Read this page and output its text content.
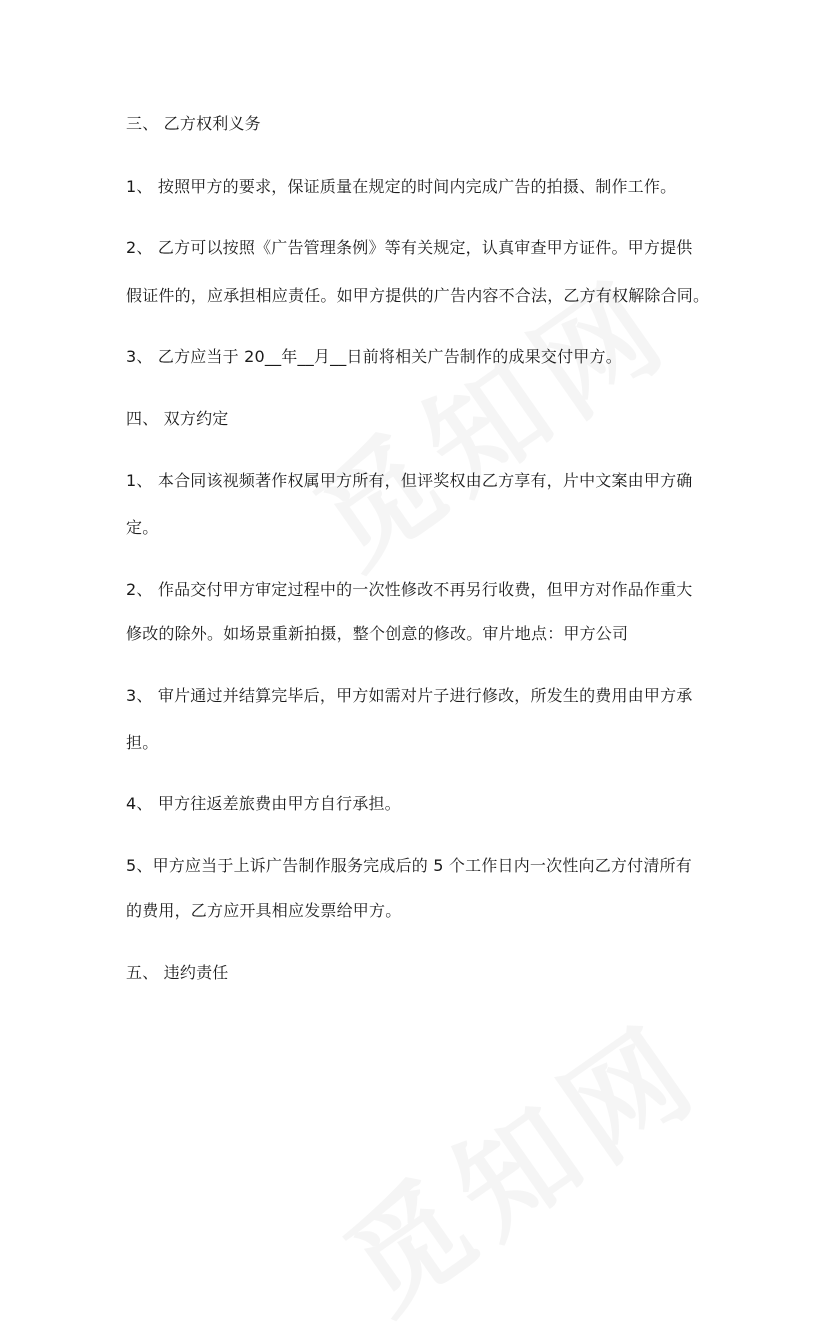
三、 乙方权利义务

1、 按照甲方的要求，保证质量在规定的时间内完成广告的拍摄、制作工作。

2、 乙方可以按照《广告管理条例》等有关规定，认真审查甲方证件。甲方提供

假证件的，应承担相应责任。如甲方提供的广告内容不合法，乙方有权解除合同。

3、 乙方应当于 20__年__月__日前将相关广告制作的成果交付甲方。

四、 双方约定

1、 本合同该视频著作权属甲方所有，但评奖权由乙方享有，片中文案由甲方确

定。

2、 作品交付甲方审定过程中的一次性修改不再另行收费，但甲方对作品作重大

修改的除外。如场景重新拍摄，整个创意的修改。审片地点：甲方公司

3、 审片通过并结算完毕后，甲方如需对片子进行修改，所发生的费用由甲方承

担。

4、 甲方往返差旅费由甲方自行承担。

5、甲方应当于上诉广告制作服务完成后的 5 个工作日内一次性向乙方付清所有

的费用，乙方应开具相应发票给甲方。

五、 违约责任
